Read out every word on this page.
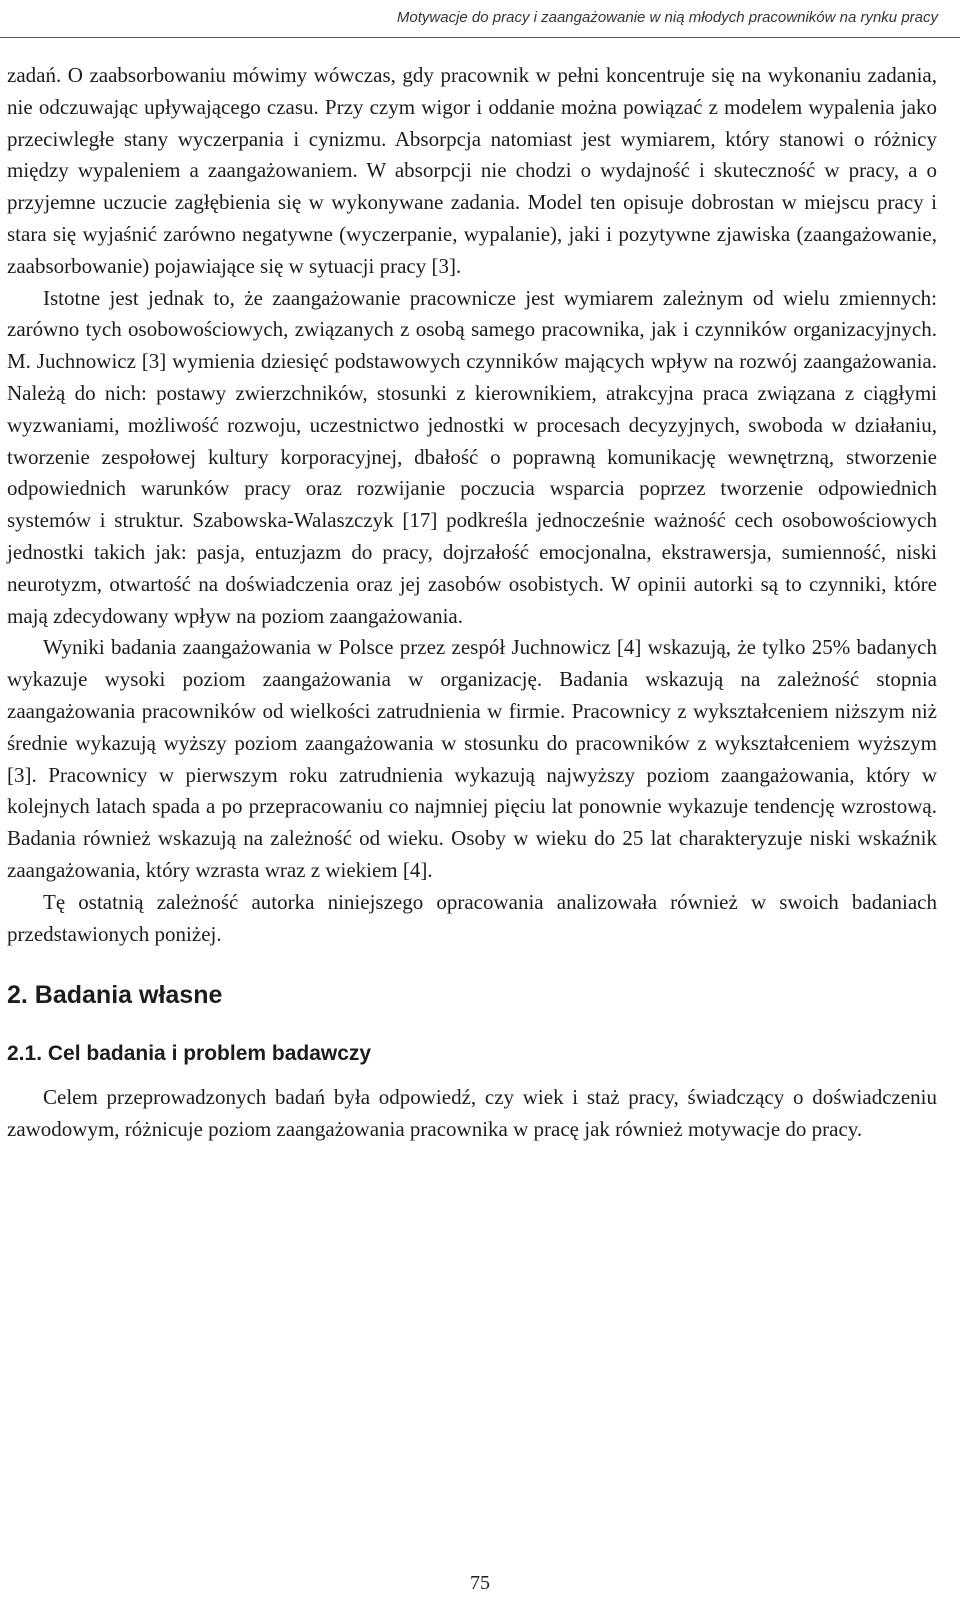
Motywacje do pracy i zaangażowanie w nią młodych pracowników na rynku pracy

zadań. O zaabsorbowaniu mówimy wówczas, gdy pracownik w pełni koncentruje się na wykonaniu zadania, nie odczuwając upływającego czasu. Przy czym wigor i oddanie można powiązać z modelem wypalenia jako przeciwległe stany wyczerpania i cynizmu. Absorpcja natomiast jest wymiarem, który stanowi o różnicy między wypaleniem a zaangażowaniem. W absorpcji nie chodzi o wydajność i skuteczność w pracy, a o przyjemne uczucie zagłębienia się w wykonywane zadania. Model ten opisuje dobrostan w miejscu pracy i stara się wyjaśnić zarówno negatywne (wyczerpanie, wypalanie), jaki i pozytywne zjawiska (zaangażowanie, zaabsorbowanie) pojawiające się w sytuacji pracy [3].

Istotne jest jednak to, że zaangażowanie pracownicze jest wymiarem zależnym od wielu zmiennych: zarówno tych osobowościowych, związanych z osobą samego pracownika, jak i czynników organizacyjnych. M. Juchnowicz [3] wymienia dziesięć podstawowych czynników mających wpływ na rozwój zaangażowania. Należą do nich: postawy zwierzchników, stosunki z kierownikiem, atrakcyjna praca związana z ciągłymi wyzwaniami, możliwość rozwoju, uczestnictwo jednostki w procesach decyzyjnych, swoboda w działaniu, tworzenie zespołowej kultury korporacyjnej, dbałość o poprawną komunikację wewnętrzną, stworzenie odpowiednich warunków pracy oraz rozwijanie poczucia wsparcia poprzez tworzenie odpowiednich systemów i struktur. Szabowska-Walaszczyk [17] podkreśla jednocześnie ważność cech osobowościowych jednostki takich jak: pasja, entuzjazm do pracy, dojrzałość emocjonalna, ekstrawersja, sumienność, niski neurotyzm, otwartość na doświadczenia oraz jej zasobów osobistych. W opinii autorki są to czynniki, które mają zdecydowany wpływ na poziom zaangażowania.

Wyniki badania zaangażowania w Polsce przez zespół Juchnowicz [4] wskazują, że tylko 25% badanych wykazuje wysoki poziom zaangażowania w organizację. Badania wskazują na zależność stopnia zaangażowania pracowników od wielkości zatrudnienia w firmie. Pracownicy z wykształceniem niższym niż średnie wykazują wyższy poziom zaangażowania w stosunku do pracowników z wykształceniem wyższym [3]. Pracownicy w pierwszym roku zatrudnienia wykazują najwyższy poziom zaangażowania, który w kolejnych latach spada a po przepracowaniu co najmniej pięciu lat ponownie wykazuje tendencję wzrostową. Badania również wskazują na zależność od wieku. Osoby w wieku do 25 lat charakteryzuje niski wskaźnik zaangażowania, który wzrasta wraz z wiekiem [4].

Tę ostatnią zależność autorka niniejszego opracowania analizowała również w swoich badaniach przedstawionych poniżej.

2. Badania własne
2.1. Cel badania i problem badawczy

Celem przeprowadzonych badań była odpowiedź, czy wiek i staż pracy, świadczący o doświadczeniu zawodowym, różnicuje poziom zaangażowania pracownika w pracę jak również motywacje do pracy.

75
